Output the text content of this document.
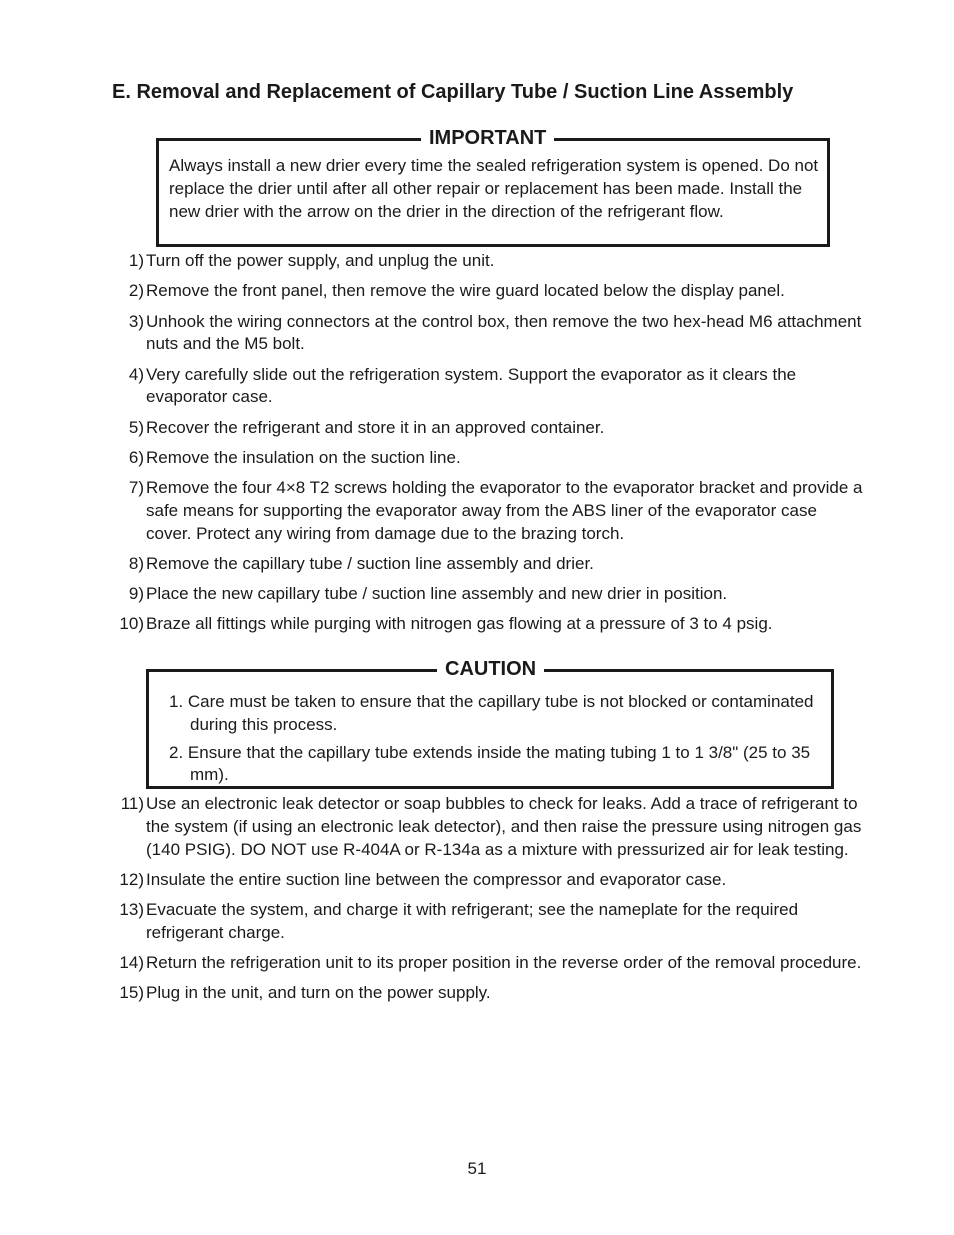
E. Removal and Replacement of Capillary Tube / Suction Line Assembly
IMPORTANT
Always install a new drier every time the sealed refrigeration system is opened. Do not replace the drier until after all other repair or replacement has been made. Install the new drier with the arrow on the drier in the direction of the refrigerant flow.
1) Turn off the power supply, and unplug the unit.
2) Remove the front panel, then remove the wire guard located below the display panel.
3) Unhook the wiring connectors at the control box, then remove the two hex-head M6 attachment nuts and the M5 bolt.
4) Very carefully slide out the refrigeration system. Support the evaporator as it clears the evaporator case.
5) Recover the refrigerant and store it in an approved container.
6) Remove the insulation on the suction line.
7) Remove the four 4×8 T2 screws holding the evaporator to the evaporator bracket and provide a safe means for supporting the evaporator away from the ABS liner of the evaporator case cover. Protect any wiring from damage due to the brazing torch.
8) Remove the capillary tube / suction line assembly and drier.
9) Place the new capillary tube / suction line assembly and new drier in position.
10) Braze all fittings while purging with nitrogen gas flowing at a pressure of 3 to 4 psig.
CAUTION
1. Care must be taken to ensure that the capillary tube is not blocked or contaminated during this process.
2. Ensure that the capillary tube extends inside the mating tubing 1 to 1 3/8" (25 to 35 mm).
11) Use an electronic leak detector or soap bubbles to check for leaks. Add a trace of refrigerant to the system (if using an electronic leak detector), and then raise the pressure using nitrogen gas (140 PSIG). DO NOT use R-404A or R-134a as a mixture with pressurized air for leak testing.
12) Insulate the entire suction line between the compressor and evaporator case.
13) Evacuate the system, and charge it with refrigerant; see the nameplate for the required refrigerant charge.
14) Return the refrigeration unit to its proper position in the reverse order of the removal procedure.
15) Plug in the unit, and turn on the power supply.
51
